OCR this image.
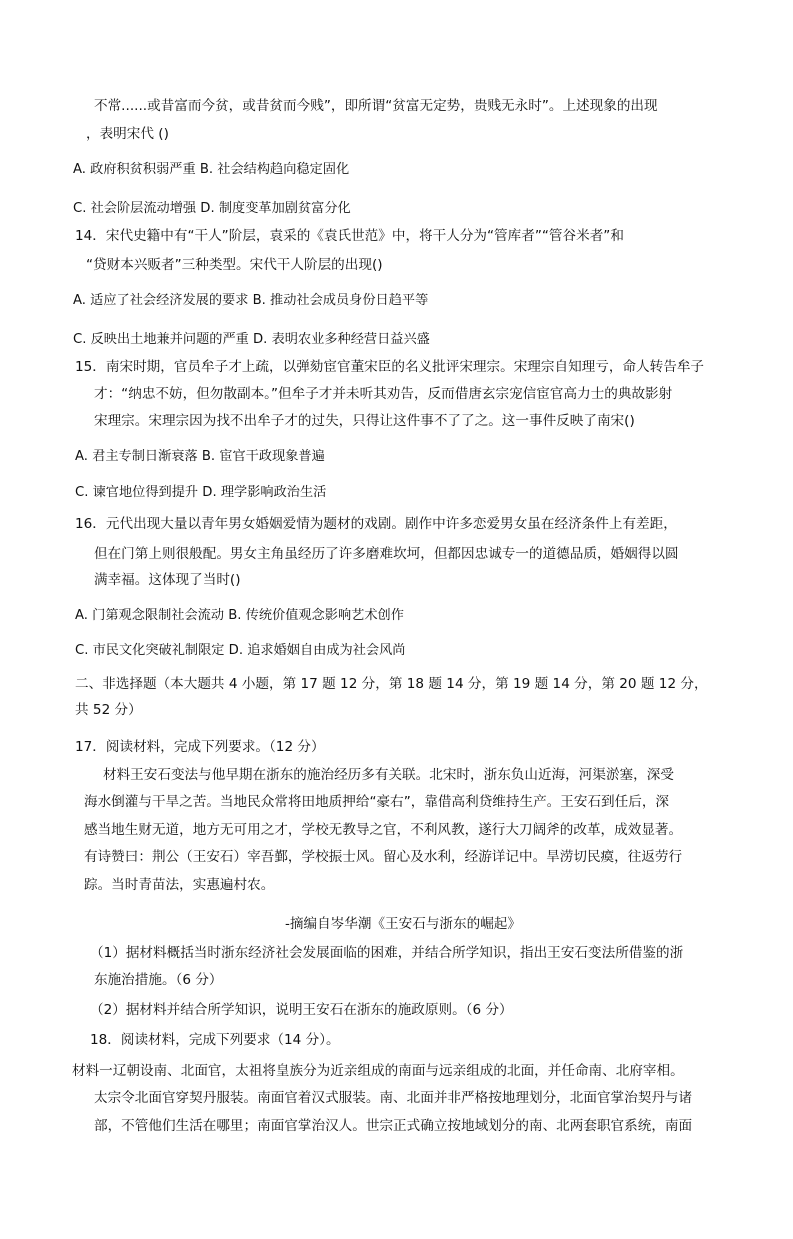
不常......或昔富而今贫，或昔贫而今贱”，即所谓“贫富无定势，贵贱无永时”。上述现象的出现
，表明宋代 ()
A. 政府积贫积弱严重 B. 社会结构趋向稳定固化
C. 社会阶层流动增强 D. 制度变革加剧贫富分化
14．宋代史籍中有“干人”阶层，袁采的《袁氏世范》中，将干人分为“管库者”“管谷米者”和
“贷财本兴贩者”三种类型。宋代干人阶层的出现()
A. 适应了社会经济发展的要求 B. 推动社会成员身份日趋平等
C. 反映出土地兼并问题的严重 D. 表明农业多种经营日益兴盛
15．南宋时期，官员牟子才上疏，以弹劾宦官董宋臣的名义批评宋理宗。宋理宗自知理亏，命人转告牟子
才：“纳忠不妨，但勿散副本。”但牟子才并未听其劝告，反而借唐玄宗宠信宦官高力士的典故影射
宋理宗。宋理宗因为找不出牟子才的过失，只得让这件事不了了之。这一事件反映了南宋()
A. 君主专制日渐衰落 B. 宦官干政现象普遍
C. 谏官地位得到提升 D. 理学影响政治生活
16．元代出现大量以青年男女婚姻爱情为题材的戏剧。剧作中许多恋爱男女虽在经济条件上有差距，
但在门第上则很般配。男女主角虽经历了许多磨难坎坷，但都因忠诚专一的道德品质，婚姻得以圆
满幸福。这体现了当时()
A. 门第观念限制社会流动 B. 传统价值观念影响艺术创作
C. 市民文化突破礼制限定 D. 追求婚姻自由成为社会风尚
二、非选择题（本大题共 4 小题，第 17 题 12 分，第 18 题 14 分，第 19 题 14 分，第 20 题 12 分，
共 52 分）
17．阅读材料，完成下列要求。（12 分）
材料王安石变法与他早期在浙东的施治经历多有关联。北宋时，浙东负山近海，河渠淤塞，深受
海水倒灌与干旱之苦。当地民众常将田地质押给“豪右”，靠借高利贷维持生产。王安石到任后，深
感当地生财无道，地方无可用之才，学校无教导之官，不利风教，遂行大刀阔斧的改革，成效显著。
有诗赞曰：荆公（王安石）宰吾鄞，学校振士风。留心及水利，经游详记中。旱涝切民瘼，往返劳行
踪。当时青苗法，实惠遍村农。
-摘编自岑华潮《王安石与浙东的崛起》
（1）据材料概括当时浙东经济社会发展面临的困难，并结合所学知识，指出王安石变法所借鉴的浙
东施治措施。（6 分）
（2）据材料并结合所学知识，说明王安石在浙东的施政原则。（6 分）
18．阅读材料，完成下列要求（14 分）。
材料一辽朝设南、北面官，太祖将皇族分为近亲组成的南面与远亲组成的北面，并任命南、北府宰相。
太宗令北面官穿契丹服装。南面官着汉式服装。南、北面并非严格按地理划分，北面官掌治契丹与诸
部，不管他们生活在哪里；南面官掌治汉人。世宗正式确立按地域划分的南、北两套职官系统，南面
